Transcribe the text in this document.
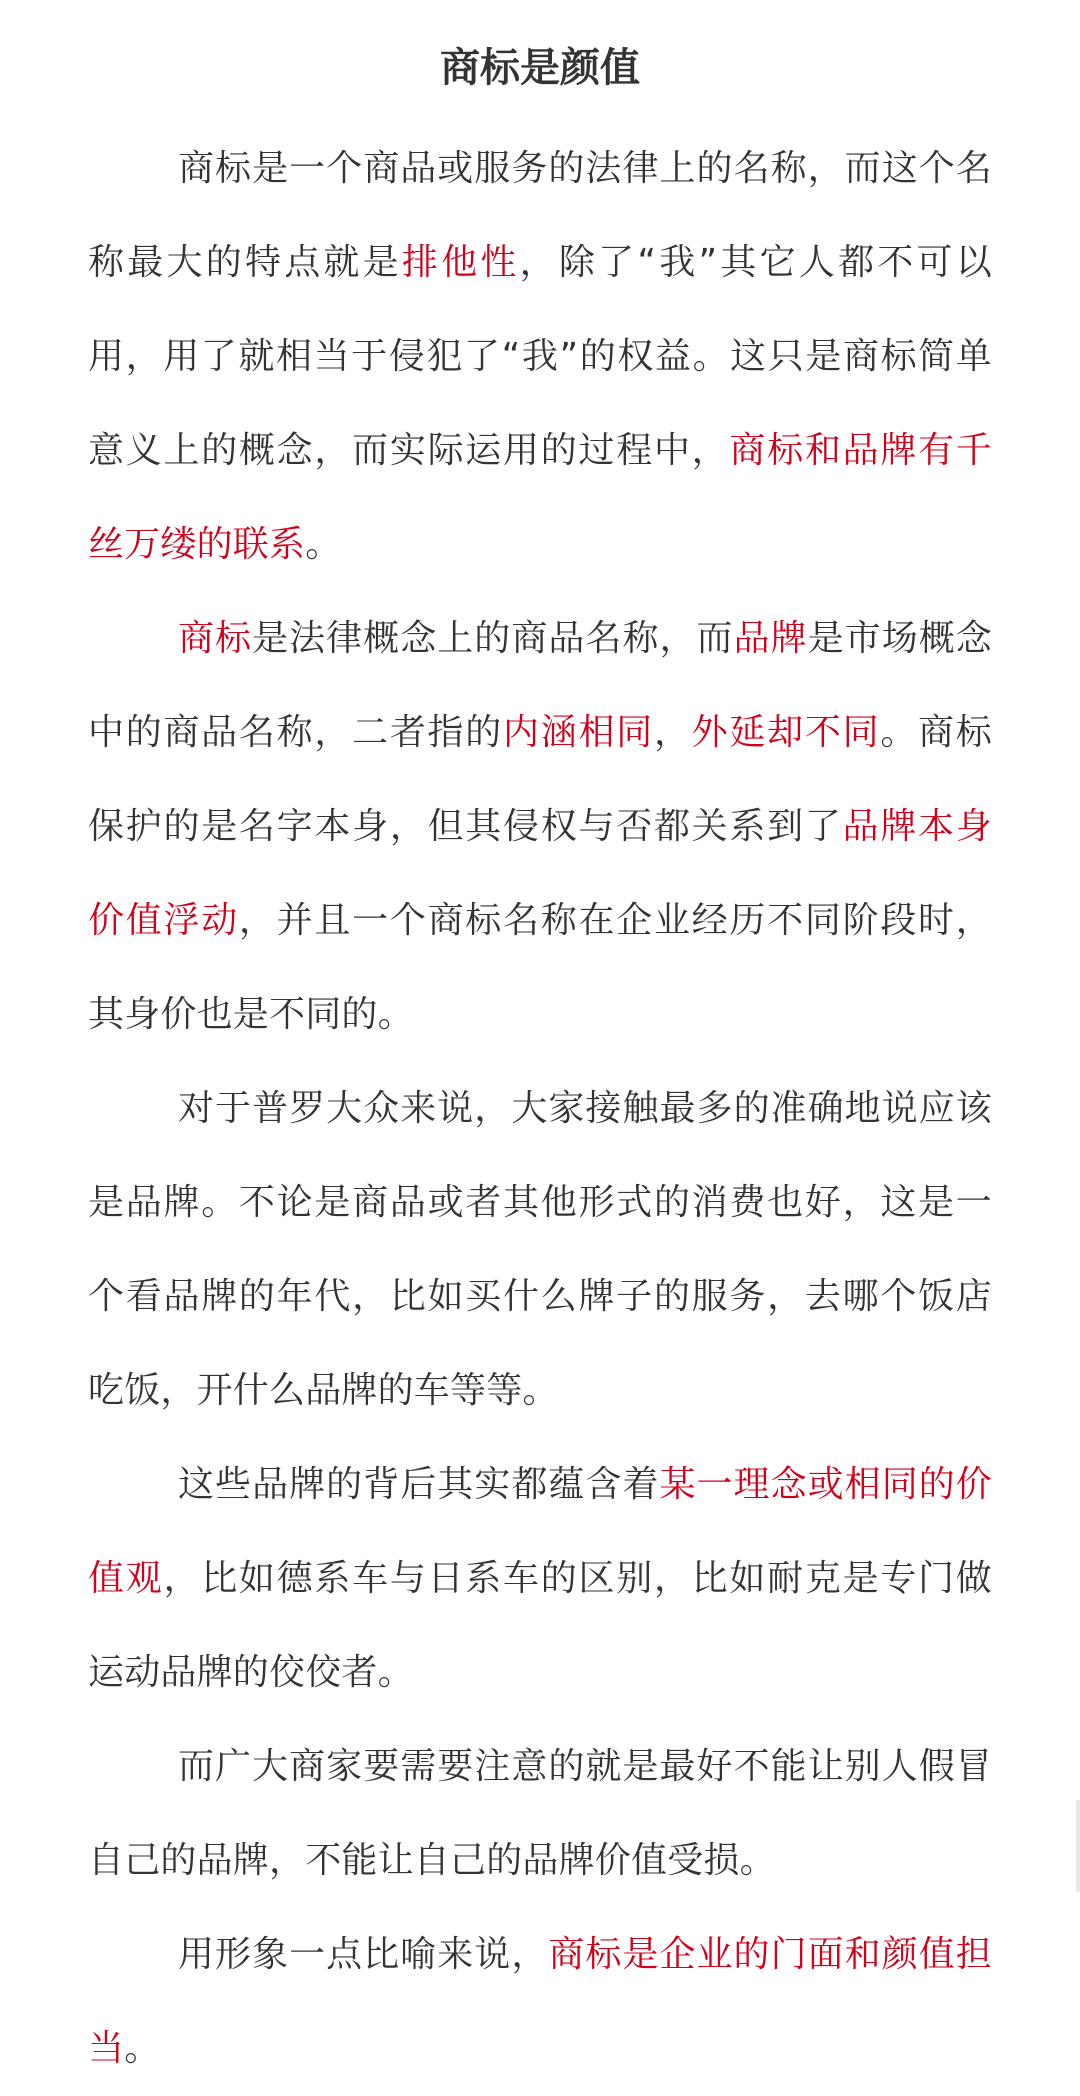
商标是颜值

商标是一个商品或服务的法律上的名称，而这个名称最大的特点就是排他性，除了“我”其它人都不可以用，用了就相当于侵犯了“我”的权益。这只是商标简单意义上的概念，而实际运用的过程中，商标和品牌有千丝万缕的联系。

商标是法律概念上的商品名称，而品牌是市场概念中的商品名称，二者指的内涵相同，外延却不同。商标保护的是名字本身，但其侵权与否都关系到了品牌本身价值浮动，并且一个商标名称在企业经历不同阶段时，其身价也是不同的。

对于普罗大众来说，大家接触最多的准确地说应该是品牌。不论是商品或者其他形式的消费也好，这是一个看品牌的年代，比如买什么牌子的服务，去哪个饭店吃饭，开什么品牌的车等等。

这些品牌的背后其实都蕴含着某一理念或相同的价值观，比如德系车与日系车的区别，比如耐克是专门做运动品牌的佼佼者。

而广大商家要需要注意的就是最好不能让别人假冒自己的品牌，不能让自己的品牌价值受损。

用形象一点比喻来说，商标是企业的门面和颜值担当。
